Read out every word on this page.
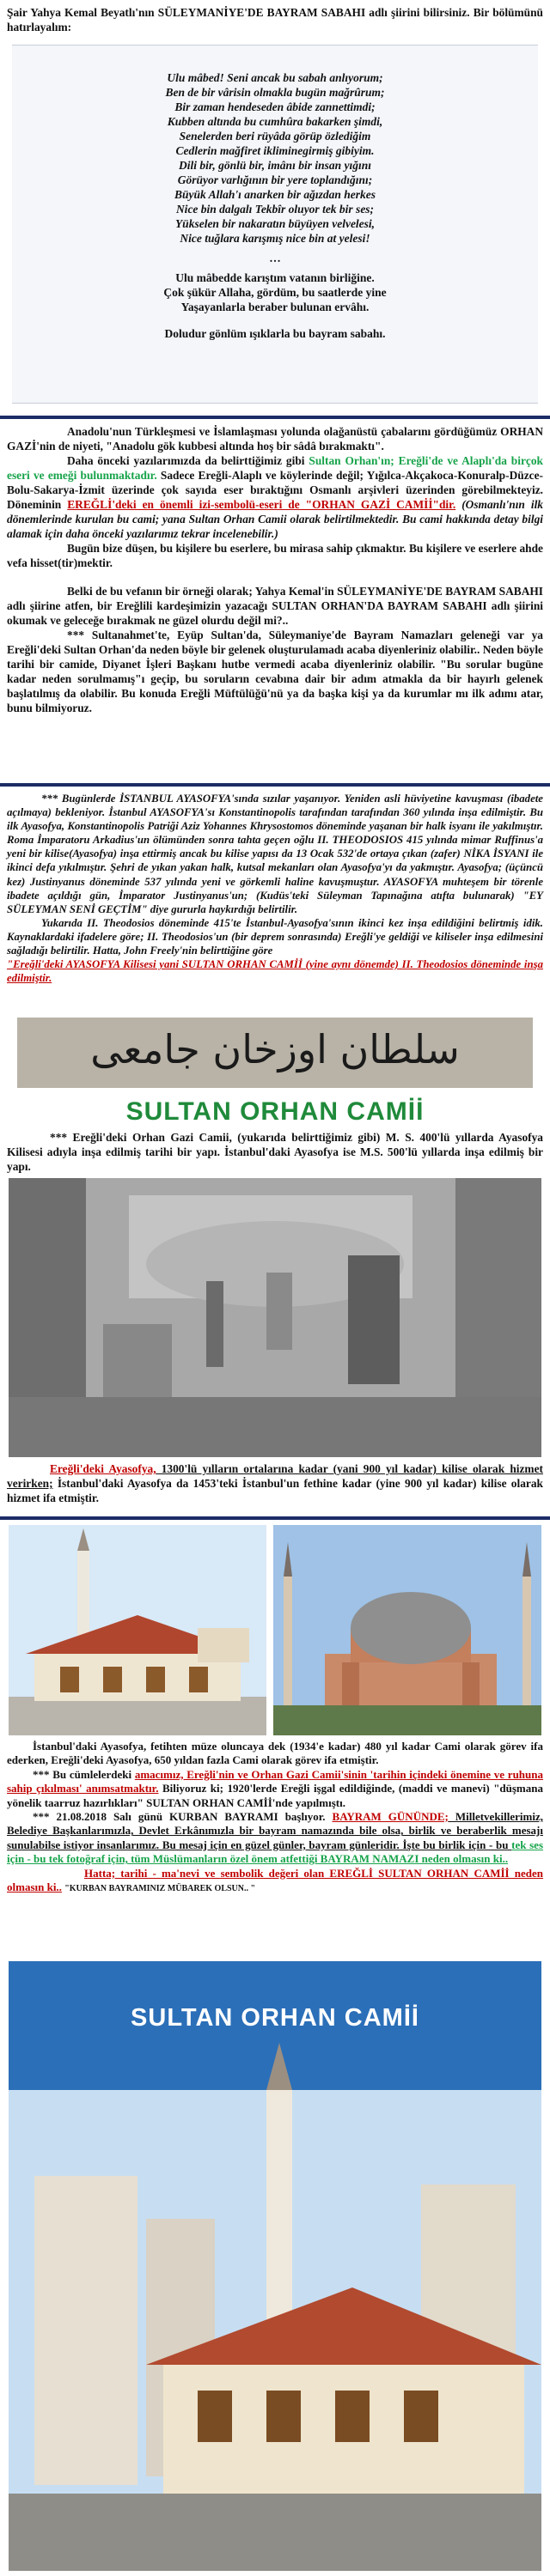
Şair Yahya Kemal Beyatlı'nın SÜLEYMANİYE'DE BAYRAM SABAHI adlı şiirini bilirsiniz. Bir bölümünü hatırlayalım:

Ulu mâbed! Seni ancak bu sabah anlıyorum;
Ben de bir vârisin olmakla bugün mağrûrum;
Bir zaman hendeseden âbide zannettimdi;
Kubben altında bu cumhûra bakarken şimdi,
Senelerden beri rüyâda görüp özlediğim
Cedlerin mağfiret ikliminegirmiş gibiyim.
Dili bir, gönlü bir, imânı bir insan yığını
Görüyor varlığının bir yere toplandığını;
Büyük Allah'ı anarken bir ağızdan herkes
Nice bin dalgalı Tekbîr oluyor tek bir ses;
Yükselen bir nakaratın büyüyen velvelesi,
Nice tuğlara karışmış nice bin at yelesi!
…
Ulu mâbedde karıştım vatanın birliğine.
Çok şükür Allaha, gördüm, bu saatlerde yine
Yaşayanlarla beraber bulunan ervâhı.
Doludur gönlüm ışıklarla bu bayram sabahı.

Anadolu'nun Türkleşmesi ve İslamlaşması yolunda olağanüstü çabalarını gördüğümüz ORHAN GAZİ'nin de niyeti, "Anadolu gök kubbesi altında hoş bir sâdâ bırakmaktı".

Daha önceki yazılarımızda da belirttiğimiz gibi Sultan Orhan'ın; Ereğli'de ve Alaplı'da birçok eseri ve emeği bulunmaktadır. Sadece Ereğli-Alaplı ve köylerinde değil; Yığılca-Akçakoca-Konuralp-Düzce-Bolu-Sakarya-İzmit üzerinde çok sayıda eser bıraktığını Osmanlı arşivleri üzerinden görebilmekteyiz. Döneminin EREĞLİ'deki en önemli izi-sembolü-eseri de "ORHAN GAZİ CAMİİ"dir. (Osmanlı'nın ilk dönemlerinde kurulan bu cami; yana Sultan Orhan Camii olarak belirtilmektedir. Bu cami hakkında detay bilgi alamak için daha önceki yazılarımız tekrar incelenebilir.)

Bugün bize düşen, bu kişilere bu eserlere, bu mirasa sahip çıkmaktır. Bu kişilere ve eserlere ahde vefa hisset(tir)mektir.

Belki de bu vefanın bir örneği olarak; Yahya Kemal'in SÜLEYMANİYE'DE BAYRAM SABAHI adlı şiirine atfen, bir Ereğlili kardeşimizin yazacağı SULTAN ORHAN'DA BAYRAM SABAHI adlı şiirini okumak ve geleceğe bırakmak ne güzel olurdu değil mi?..

*** Sultanahmet'te, Eyüp Sultan'da, Süleymaniye'de Bayram Namazları geleneği var ya Ereğli'deki Sultan Orhan'da neden böyle bir gelenek oluşturulamadı acaba diyenleriniz olabilir.. Neden böyle tarihi bir camide, Diyanet İşleri Başkanı hutbe vermedi acaba diyenleriniz olabilir. "Bu sorular bugüne kadar neden sorulmamış"ı geçip, bu soruların cevabına dair bir adım atmakla da bir hayırlı gelenek başlatılmış da olabilir. Bu konuda Ereğli Müftülüğü'nü ya da başka kişi ya da kurumlar mı ilk adımı atar, bunu bilmiyoruz.

*** Bugünlerde İSTANBUL AYASOFYA'sında sızılar yaşanıyor. Yeniden asli hüviyetine kavuşması (ibadete açılmaya) bekleniyor. İstanbul AYASOFYA'sı Konstantinopolis tarafından tarafından 360 yılında inşa edilmiştir. Bu ilk Ayasofya, Konstantinopolis Patriği Aziz Yohannes Khrysostomos döneminde yaşanan bir halk isyanı ile yakılmıştır. Roma İmparatoru Arkadius'un ölümünden sonra tahta geçen oğlu II. THEODOSIOS 415 yılında mimar Ruffinus'a yeni bir kilise(Ayasofya) inşa ettirmiş ancak bu kilise yapısı da 13 Ocak 532'de ortaya çıkan (zafer) NİKA İSYANI ile ikinci defa yıkılmıştır. Şehri de yıkan yakan halk, kutsal mekanları olan Ayasofya'yı da yakmıştır. Ayasofya; (üçüncü kez) Justinyanus döneminde 537 yılında yeni ve görkemli haline kavuşmuştur. AYASOFYA muhteşem bir törenle ibadete açıldığı gün, İmparator Justinyanus'un; (Kudüs'teki Süleyman Tapınağına atıfta bulunarak) "EY SÜLEYMAN SENİ GEÇTİM" diye gururla haykırdığı belirtilir.

Yukarıda II. Theodosios döneminde 415'te İstanbul-Ayasofya'sının ikinci kez inşa edildiğini belirtmiş idik. Kaynaklardaki ifadelere göre; II. Theodosios'un (bir deprem sonrasında) Ereğli'ye geldiği ve kiliseler inşa edilmesini sağladığı belirtilir. Hatta, John Freely'nin belirttiğine göre

"Ereğli'deki AYASOFYA Kilisesi yani SULTAN ORHAN CAMİİ (yine aynı dönemde) II. Theodosios döneminde inşa edilmiştir.

سلطان اوزخان جامعى
SULTAN ORHAN CAMİİ

*** Ereğli'deki Orhan Gazi Camii, (yukarıda belirttiğimiz gibi) M. S. 400'lü yıllarda Ayasofya Kilisesi adıyla inşa edilmiş tarihi bir yapı. İstanbul'daki Ayasofya ise M.S. 500'lü yıllarda inşa edilmiş bir yapı.

Ereğli'deki Ayasofya, 1300'lü yılların ortalarına kadar (yani 900 yıl kadar) kilise olarak hizmet verirken; İstanbul'daki Ayasofya da 1453'teki İstanbul'un fethine kadar (yine 900 yıl kadar) kilise olarak hizmet ifa etmiştir.

İstanbul'daki Ayasofya, fetihten müze oluncaya dek (1934'e kadar) 480 yıl kadar Cami olarak görev ifa ederken, Ereğli'deki Ayasofya, 650 yıldan fazla Cami olarak görev ifa etmiştir.

*** Bu cümlelerdeki amacımız, Ereğli'nin ve Orhan Gazi Camii'sinin 'tarihin içindeki önemine ve ruhuna sahip çıkılması' anımsatmaktır. Biliyoruz ki; 1920'lerde Ereğli işgal edildiğinde, (maddi ve manevi) "düşmana yönelik taarruz hazırlıkları" SULTAN ORHAN CAMİİ'nde yapılmıştı.

*** 21.08.2018 Salı günü KURBAN BAYRAMI başlıyor. BAYRAM GÜNÜNDE; Milletvekillerimiz, Belediye Başkanlarımızla, Devlet Erkânımızla bir bayram namazında bile olsa, birlik ve beraberlik mesajı sunulabilse istiyor insanlarımız. Bu mesaj için en güzel günler, bayram günleridir. İşte bu birlik için - bu tek ses için - bu tek fotoğraf için, tüm Müslümanların özel önem atfettiği BAYRAM NAMAZI neden olmasın ki..

Hatta; tarihi - ma'nevi ve sembolik değeri olan EREĞLİ SULTAN ORHAN CAMİİ neden olmasın ki.. "KURBAN BAYRAMINIZ MÜBAREK OLSUN.. "

SULTAN ORHAN CAMİİ
